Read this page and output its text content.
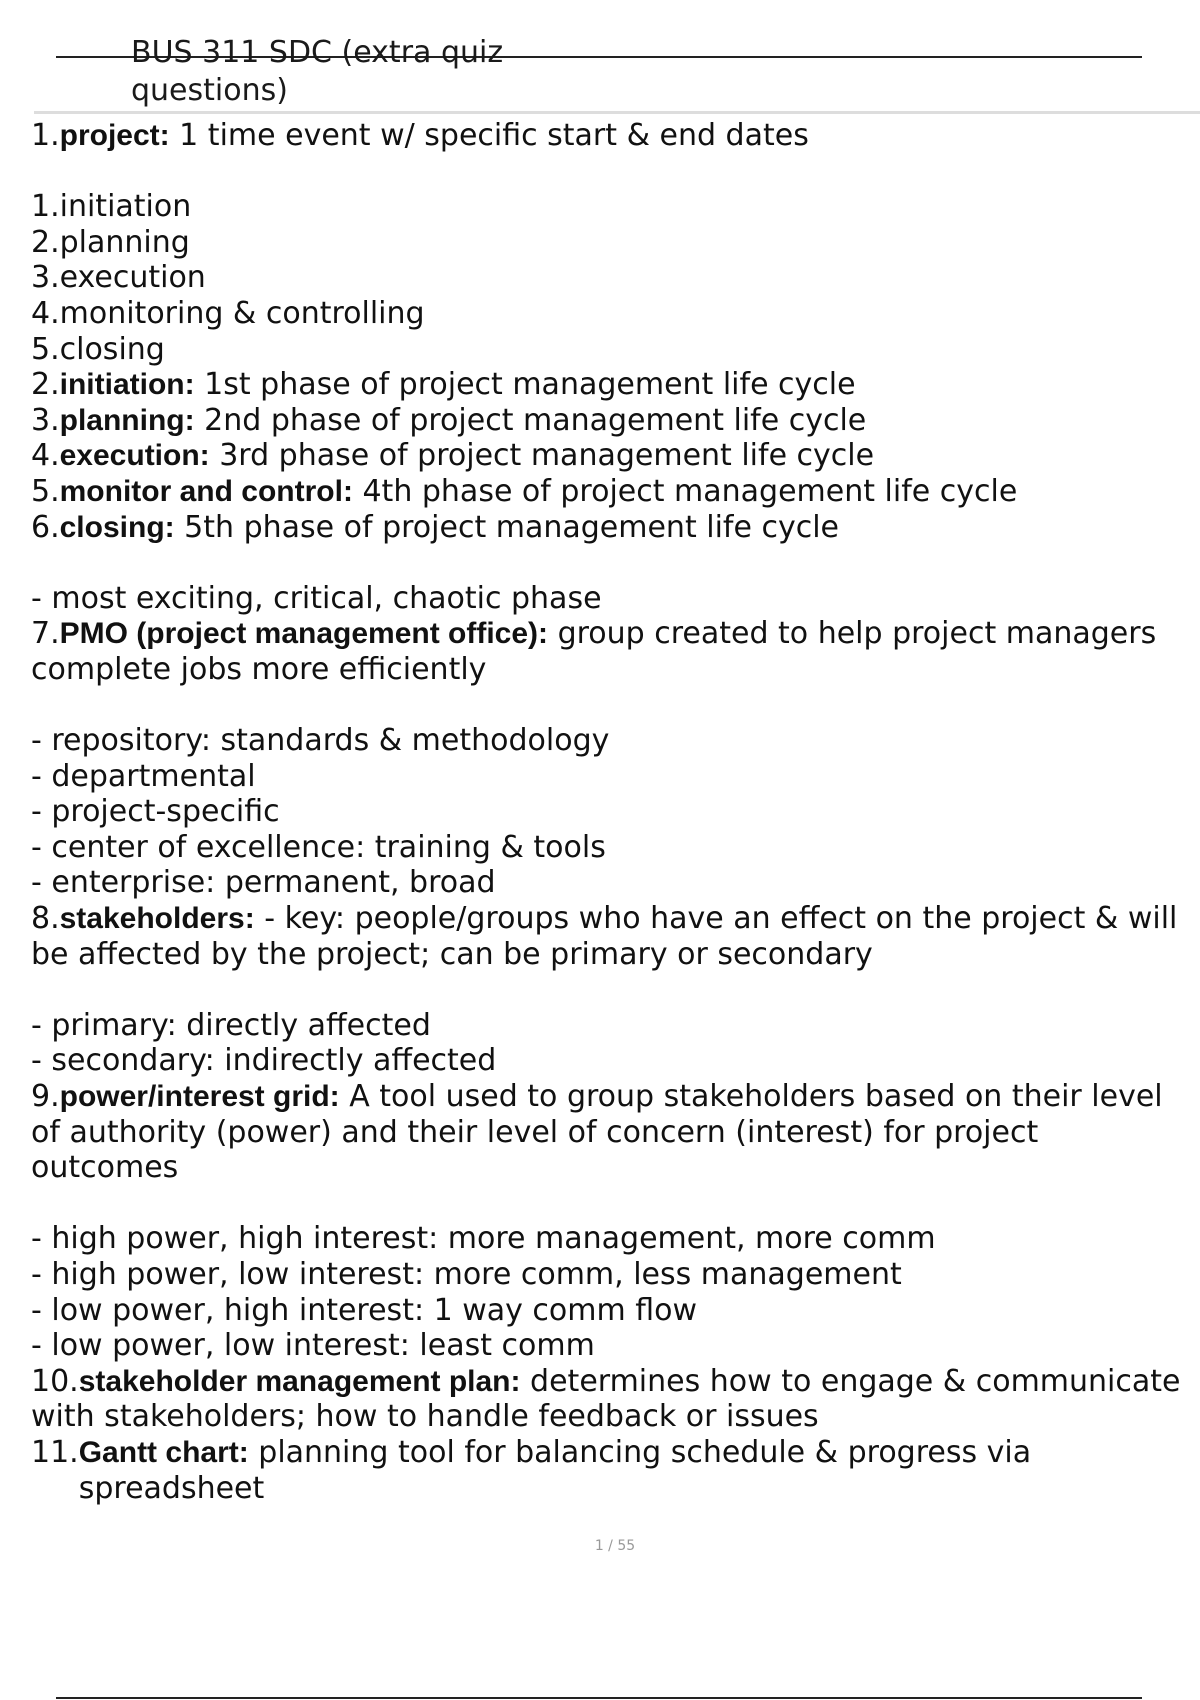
BUS 311 SDC (extra quiz
questions)
1. project: 1 time event w/ specific start & end dates
1. initiation
2. planning
3. execution
4. monitoring & controlling
5. closing
2. initiation: 1st phase of project management life cycle
3. planning: 2nd phase of project management life cycle
4. execution: 3rd phase of project management life cycle
5. monitor and control: 4th phase of project management life cycle
6. closing: 5th phase of project management life cycle
- most exciting, critical, chaotic phase
7.PMO (project management office): group created to help project managers complete jobs more efficiently
- repository: standards & methodology
- departmental
- project-specific
- center of excellence: training & tools
- enterprise: permanent, broad
8.stakeholders: - key: people/groups who have an effect on the project & will be affected by the project; can be primary or secondary
- primary: directly affected
- secondary: indirectly affected
9.power/interest grid: A tool used to group stakeholders based on their level of authority (power) and their level of concern (interest) for project outcomes
- high power, high interest: more management, more comm
- high power, low interest: more comm, less management
- low power, high interest: 1 way comm flow
- low power, low interest: least comm
10.stakeholder management plan: determines how to engage & communicate with stakeholders; how to handle feedback or issues
11. Gantt chart: planning tool for balancing schedule & progress via spreadsheet
1 / 55
